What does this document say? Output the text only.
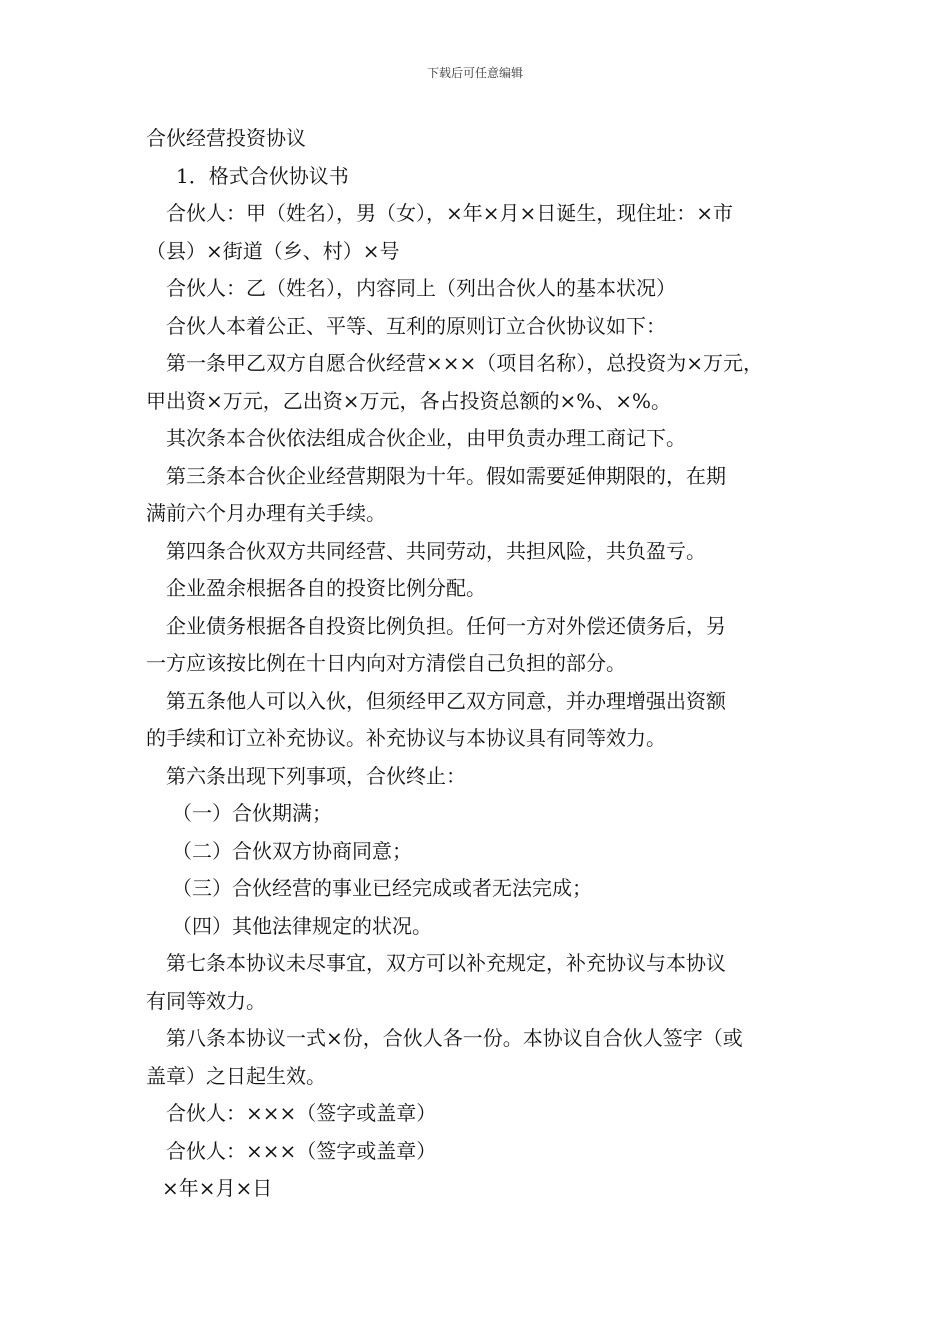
下载后可任意编辑
合伙经营投资协议
1．格式合伙协议书
合伙人：甲（姓名），男（女），×年×月×日诞生，现住址：×市
（县）×街道（乡、村）×号
合伙人：乙（姓名），内容同上（列出合伙人的基本状况）
合伙人本着公正、平等、互利的原则订立合伙协议如下：
第一条甲乙双方自愿合伙经营×××（项目名称），总投资为×万元，
甲出资×万元，乙出资×万元，各占投资总额的×%、×%。
其次条本合伙依法组成合伙企业，由甲负责办理工商记下。
第三条本合伙企业经营期限为十年。假如需要延伸期限的，在期
满前六个月办理有关手续。
第四条合伙双方共同经营、共同劳动，共担风险，共负盈亏。
企业盈余根据各自的投资比例分配。
企业债务根据各自投资比例负担。任何一方对外偿还债务后，另
一方应该按比例在十日内向对方清偿自己负担的部分。
第五条他人可以入伙，但须经甲乙双方同意，并办理增强出资额
的手续和订立补充协议。补充协议与本协议具有同等效力。
第六条出现下列事项，合伙终止：
（一）合伙期满；
（二）合伙双方协商同意；
（三）合伙经营的事业已经完成或者无法完成；
（四）其他法律规定的状况。
第七条本协议未尽事宜，双方可以补充规定，补充协议与本协议
有同等效力。
第八条本协议一式×份，合伙人各一份。本协议自合伙人签字（或
盖章）之日起生效。
合伙人：×××（签字或盖章）
合伙人：×××（签字或盖章）
×年×月×日
